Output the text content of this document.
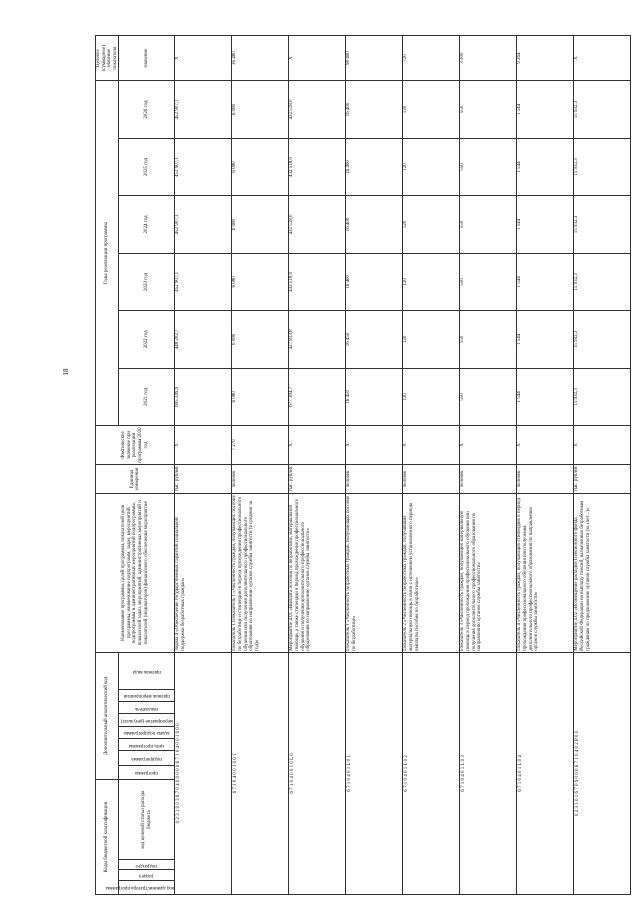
18
Коды бюджетной классификации				Дополнительный аналитический код								Наименование программы, целей программы, показателей цели программы, наименование подпрограмм, задач, мероприятий подпрограммы и административных мероприятий подпрограммы, показателей задач, мероприятий, административных мероприятий и показателей (индикаторов) финансового обеспечения мероприятия	Единица измерения	Фактическое значение при реализации программы 2020 год	Годы реализации программы						Целевое (суммарное) значение показателя

код администратора программы	раздел	подраздел	код целевой статьи расхода бюджета	программа	подпрограмма	цель программы	задача подпрограммы	мероприятие (результат)	показатель	признак мероприятия	признак вида				2021 год	2022 год	2023 год	2024 год	2025 год	2026 год	значение
0 2 3 1 0 0 3 6 7 0 4 0 0 0 0 0 6 7 1 0 4 0 0 1 0 0 0												Задача 4 «Обеспечение государственных гарантий социальной поддержки безработных граждан»	тыс. рублей	X	695 249,9	448 202,7	452 907,1	452 907,1	452 907,1	452 907,1	X
6 7 1 0 4 0 0 1 0 0 1												Показатель 1 Показатель 1 «Численность граждан, получающих пособие по безработице и стипендию в период прохождения профессионального обучения или получения дополнительного профессионального образования по направлению органов службы занятости (в среднем за год)»	человек	7 270	6 080	6 080	6 080	6 080	6 080	6 080	36 480
6 7 1 0 4 0 0 1 0 L 0												Мероприятие 4.01 «Выплата пособия по безработице, материальной помощи, а также стипендии в период прохождения профессионального обучения и получения дополнительного профессионального образования по направлению органов службы занятости»	тыс. рублей	X	677 384,7	427 813,8	432 518,0	432 518,0	432 518,0	432 518,0	X
6 7 1 0 4 0 1 L 0 1												Показатель 1 «Численность безработных граждан, получающих пособие по безработице»	человек	X	16 450	16 450	16 400	16 400	16 400	16 400	98 400
6 7 1 0 4 0 1 L 0 2												Показатель 2 «Численность безработных граждан, получивших материальную помощь в связи с истечением установленного периода выплаты пособия по безработице»	человек	X	120	120	120	120	120	120	720
6 7 1 0 4 0 1 L 0 3												Показатель 3 «Численность граждан, получающих материальную помощь в период прохождения профессионального обучения или получения дополнительного профессионального образования по направлению органов службы занятости»	человек	X	550	550	550	550	550	550	3 300
6 7 1 0 4 0 1 L 0 4												Показатель 4 «Численность граждан, получающих стипендию в период прохождения профессионального обучения или получения дополнительного профессионального образования по направлению органов службы занятости»	человек	X	1 544	1 544	1 544	1 544	1 544	1 544	9 264
0 2 3 1 0 1 6 7 0 9 0 0 0 6 7 1 0 4 0 2 P 0 0												Мероприятие 4.02 «Возмещение расходов Пенсионного фонда Российской Федерации на выплату пенсий, назначенных безработным гражданам по предложению органов службы занятости (за счет...)»	тыс. рублей	X	15 932,3	15 932,3	15 932,3	15 932,3	15 932,3	15 932,3	X
